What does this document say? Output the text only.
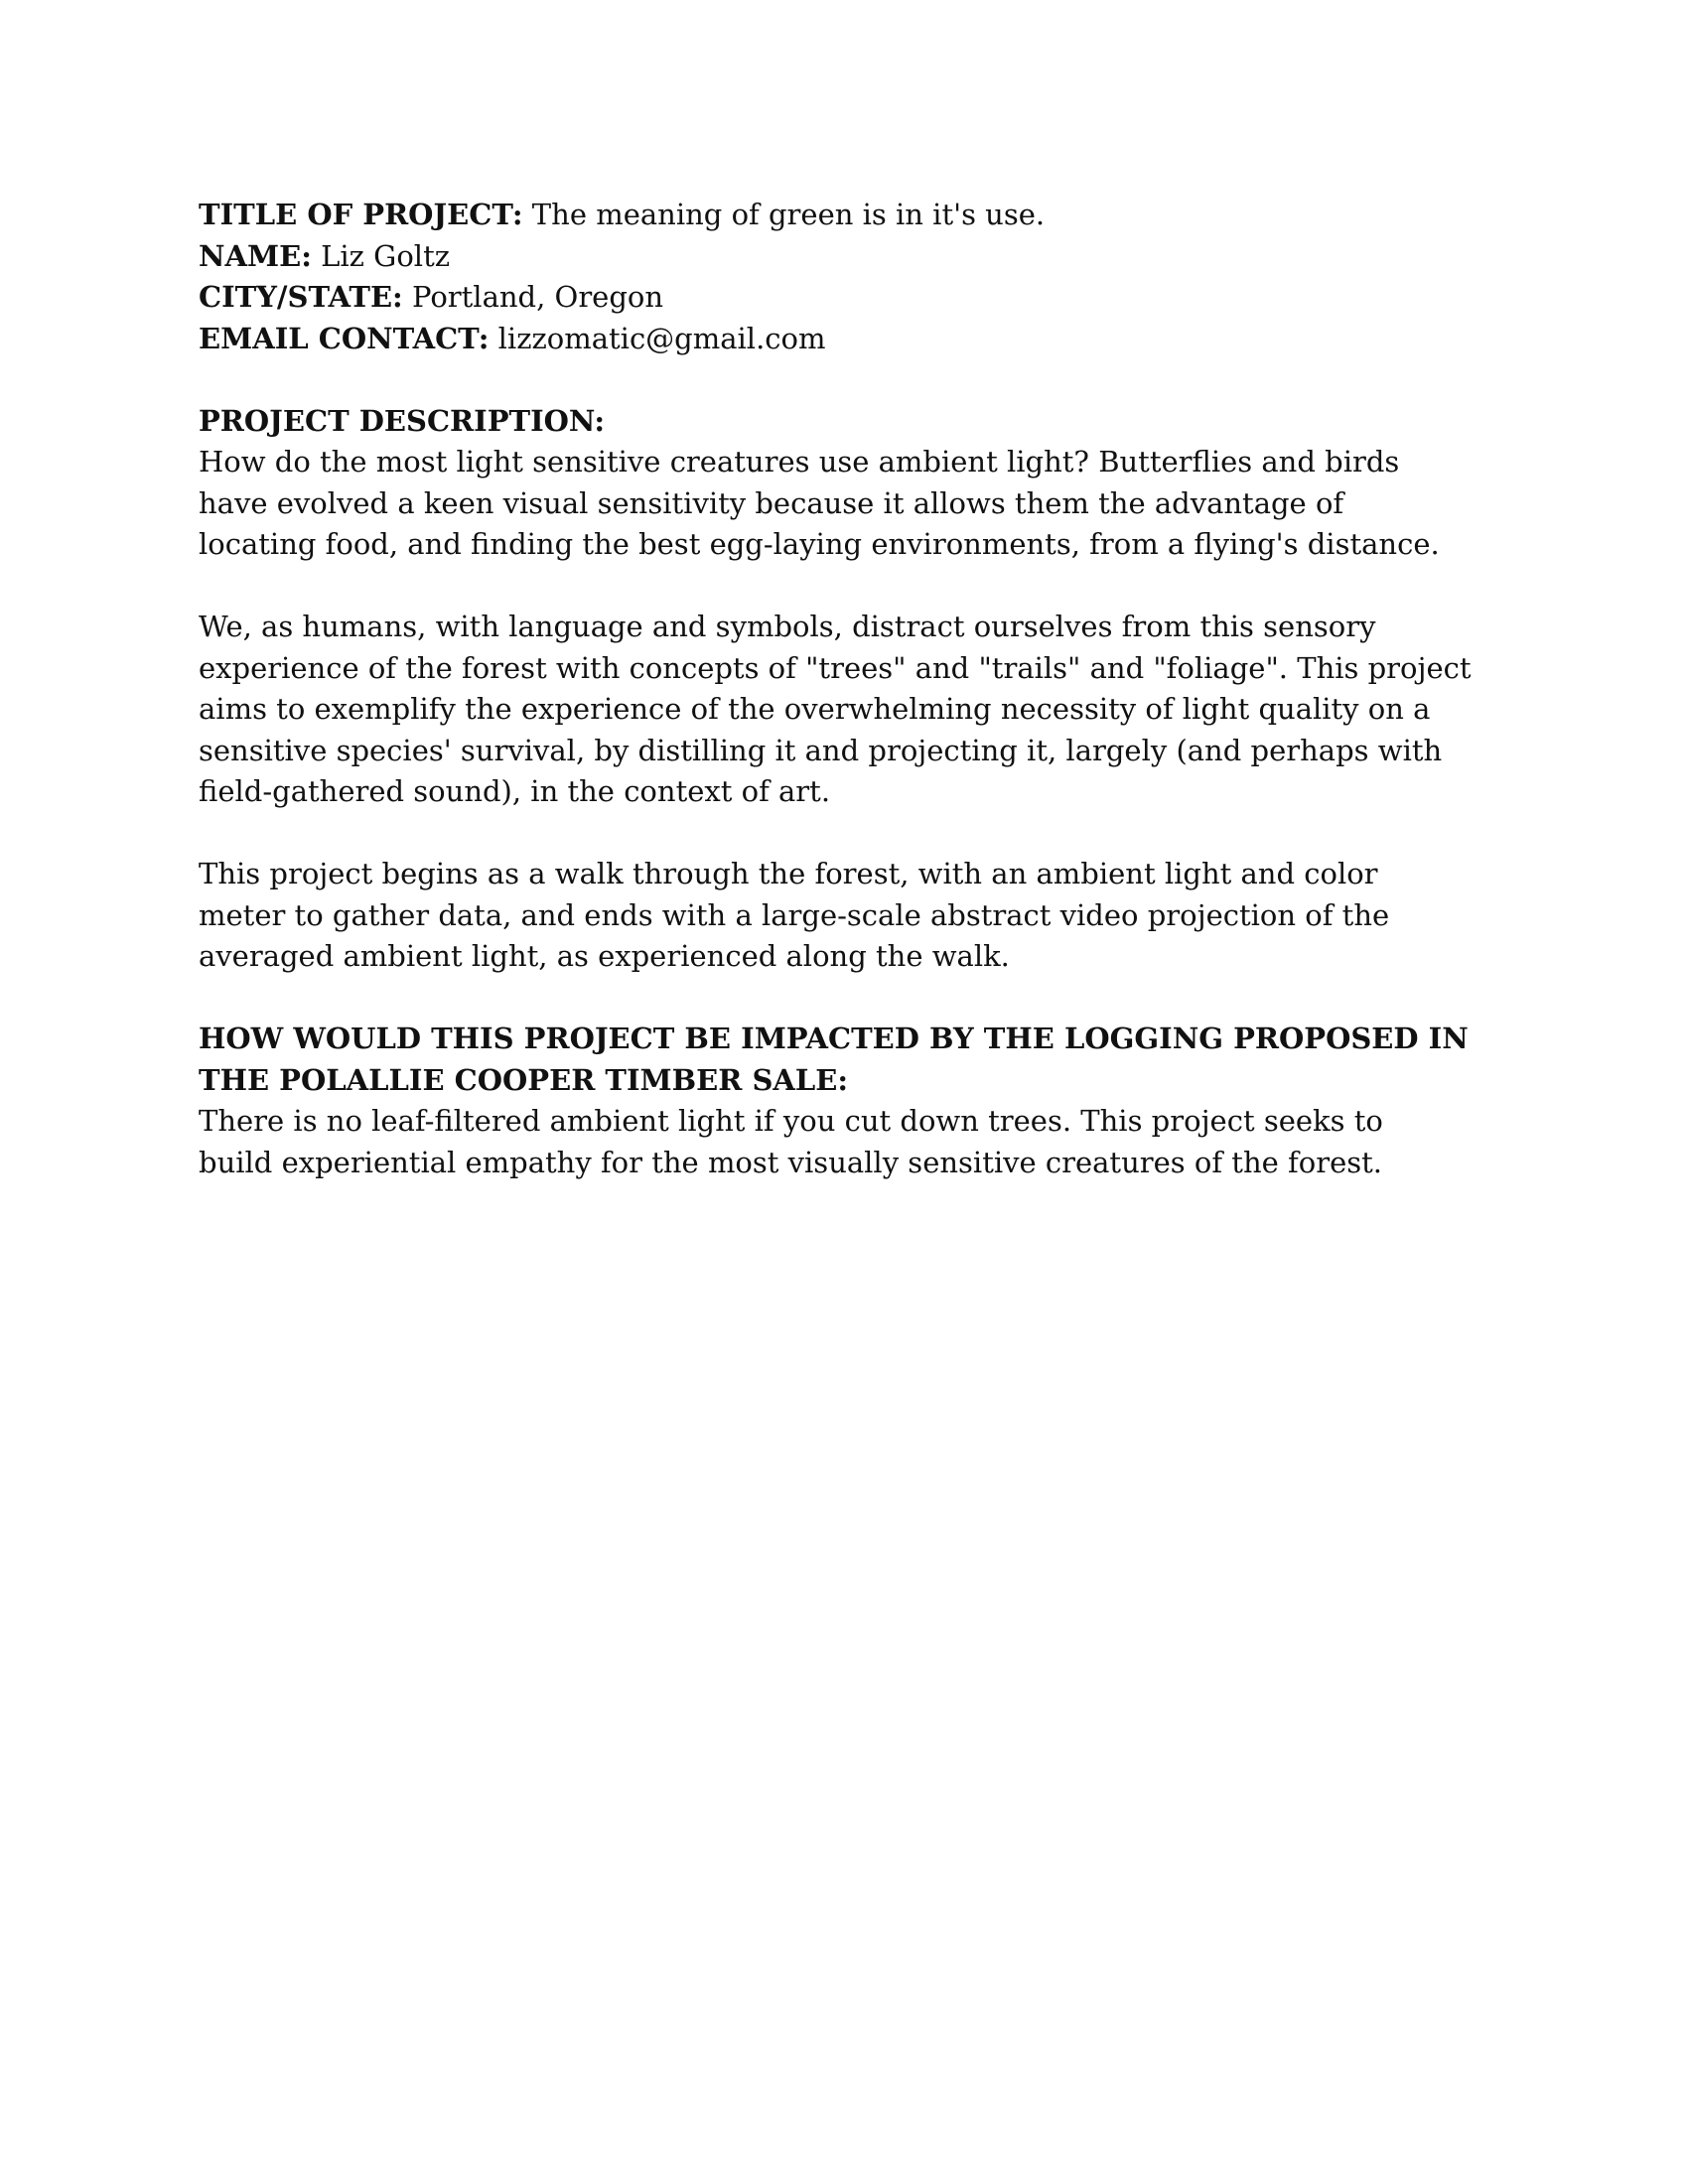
TITLE OF PROJECT: The meaning of green is in it's use.

NAME: Liz Goltz

CITY/STATE: Portland, Oregon

EMAIL CONTACT: lizzomatic@gmail.com

PROJECT DESCRIPTION:

How do the most light sensitive creatures use ambient light? Butterflies and birds
have evolved a keen visual sensitivity because it allows them the advantage of
locating food, and finding the best egg-laying environments, from a flying's distance.

We, as humans, with language and symbols, distract ourselves from this sensory
experience of the forest with concepts of "trees" and "trails" and "foliage". This project
aims to exemplify the experience of the overwhelming necessity of light quality on a
sensitive species' survival, by distilling it and projecting it, largely (and perhaps with
field-gathered sound), in the context of art.

This project begins as a walk through the forest, with an ambient light and color
meter to gather data, and ends with a large-scale abstract video projection of the
averaged ambient light, as experienced along the walk.

HOW WOULD THIS PROJECT BE IMPACTED BY THE LOGGING PROPOSED IN
THE POLALLIE COOPER TIMBER SALE:

There is no leaf-filtered ambient light if you cut down trees. This project seeks to
build experiential empathy for the most visually sensitive creatures of the forest.
